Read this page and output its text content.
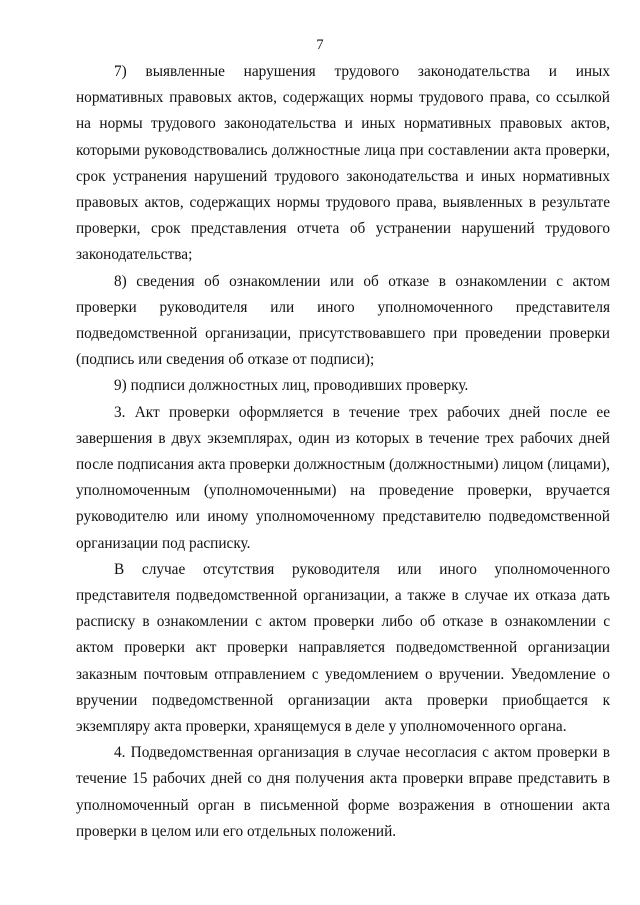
7

7) выявленные нарушения трудового законодательства и иных нормативных правовых актов, содержащих нормы трудового права, со ссылкой на нормы трудового законодательства и иных нормативных правовых актов, которыми руководствовались должностные лица при составлении акта проверки, срок устранения нарушений трудового законодательства и иных нормативных правовых актов, содержащих нормы трудового права, выявленных в результате проверки, срок представления отчета об устранении нарушений трудового законодательства;

8) сведения об ознакомлении или об отказе в ознакомлении с актом проверки руководителя или иного уполномоченного представителя подведомственной организации, присутствовавшего при проведении проверки (подпись или сведения об отказе от подписи);

9) подписи должностных лиц, проводивших проверку.

3. Акт проверки оформляется в течение трех рабочих дней после ее завершения в двух экземплярах, один из которых в течение трех рабочих дней после подписания акта проверки должностным (должностными) лицом (лицами), уполномоченным (уполномоченными) на проведение проверки, вручается руководителю или иному уполномоченному представителю подведомственной организации под расписку.

В случае отсутствия руководителя или иного уполномоченного представителя подведомственной организации, а также в случае их отказа дать расписку в ознакомлении с актом проверки либо об отказе в ознакомлении с актом проверки акт проверки направляется подведомственной организации заказным почтовым отправлением с уведомлением о вручении. Уведомление о вручении подведомственной организации акта проверки приобщается к экземпляру акта проверки, хранящемуся в деле у уполномоченного органа.

4. Подведомственная организация в случае несогласия с актом проверки в течение 15 рабочих дней со дня получения акта проверки вправе представить в уполномоченный орган в письменной форме возражения в отношении акта проверки в целом или его отдельных положений.
